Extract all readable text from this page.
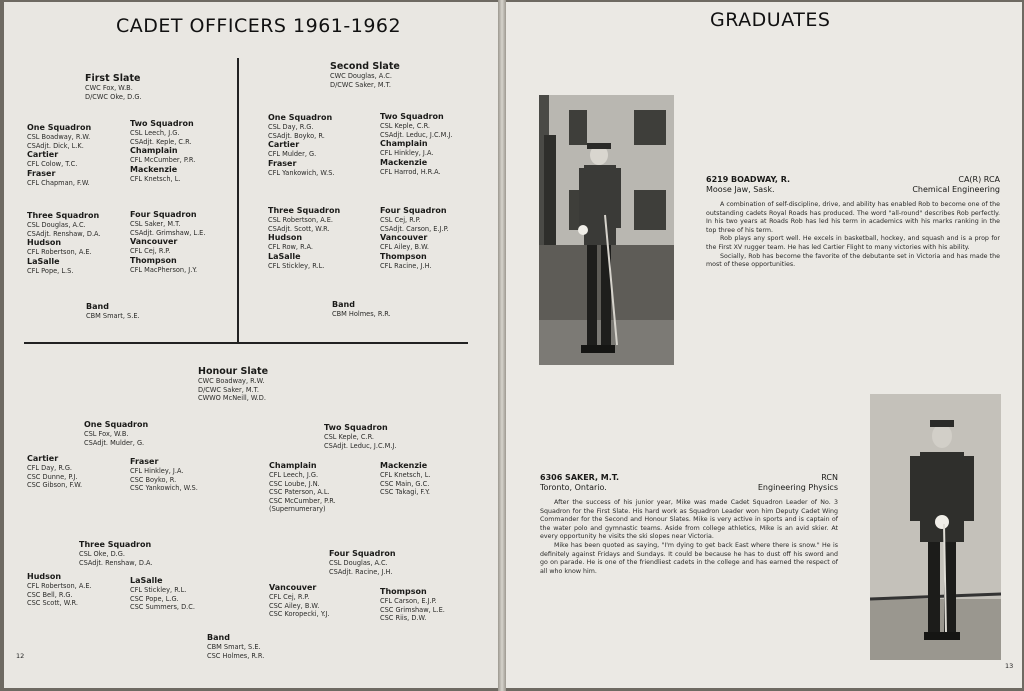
CADET OFFICERS 1961-1962
First Slate
CWC Fox, W.B.
D/CWC Oke, D.G.
One Squadron
CSL Boadway, R.W.
CSAdjt. Dick, L.K.
Cartier
CFL Colow, T.C.
Fraser
CFL Chapman, F.W.
Two Squadron
CSL Leech, J.G.
CSAdjt. Keple, C.R.
Champlain
CFL McCumber, P.R.
Mackenzie
CFL Knetsch, L.
Three Squadron
CSL Douglas, A.C.
CSAdjt. Renshaw, D.A.
Hudson
CFL Robertson, A.E.
LaSalle
CFL Pope, L.S.
Four Squadron
CSL Saker, M.T.
CSAdjt. Grimshaw, L.E.
Vancouver
CFL Cej, R.P.
Thompson
CFL MacPherson, J.Y.
Band
CBM Smart, S.E.
Second Slate
CWC Douglas, A.C.
D/CWC Saker, M.T.
One Squadron
CSL Day, R.G.
CSAdjt. Boyko, R.
Cartier
CFL Mulder, G.
Fraser
CFL Yankowich, W.S.
Two Squadron
CSL Keple, C.R.
CSAdjt. Leduc, J.C.M.J.
Champlain
CFL Hinkley, J.A.
Mackenzie
CFL Harrod, H.R.A.
Three Squadron
CSL Robertson, A.E.
CSAdjt. Scott, W.R.
Hudson
CFL Row, R.A.
LaSalle
CFL Stickley, R.L.
Four Squadron
CSL Cej, R.P.
CSAdjt. Carson, E.J.P.
Vancouver
CFL Ailey, B.W.
Thompson
CFL Racine, J.H.
Band
CBM Holmes, R.R.
Honour Slate
CWC Boadway, R.W.
D/CWC Saker, M.T.
CWWO McNeill, W.D.
One Squadron
CSL Fox, W.B.
CSAdjt. Mulder, G.
Cartier
CFL Day, R.G.
CSC Dunne, P.J.
CSC Gibson, F.W.
Fraser
CFL Hinkley, J.A.
CSC Boyko, R.
CSC Yankowich, W.S.
Two Squadron
CSL Keple, C.R.
CSAdjt. Leduc, J.C.M.J.
Champlain
CFL Leech, J.G.
CSC Loube, J.N.
CSC Paterson, A.L.
CSC McCumber, P.R.
(Supernumerary)
Mackenzie
CFL Knetsch, L.
CSC Main, G.C.
CSC Takagi, F.Y.
Three Squadron
CSL Oke, D.G.
CSAdjt. Renshaw, D.A.
Hudson
CFL Robertson, A.E.
CSC Bell, R.G.
CSC Scott, W.R.
LaSalle
CFL Stickley, R.L.
CSC Pope, L.G.
CSC Summers, D.C.
Four Squadron
CSL Douglas, A.C.
CSAdjt. Racine, J.H.
Vancouver
CFL Cej, R.P.
CSC Ailey, B.W.
CSC Koropecki, Y.J.
Thompson
CFL Carson, E.J.P.
CSC Grimshaw, L.E.
CSC Riis, D.W.
Band
CBM Smart, S.E.
CSC Holmes, R.R.
12
GRADUATES
6219 BOADWAY, R.
Moose Jaw, Sask.
CA(R) RCA
Chemical Engineering

A combination of self-discipline, drive, and ability has enabled Rob to become one of the outstanding cadets Royal Roads has produced. The word "all-round" describes Rob perfectly. In his two years at Roads Rob has led his term in academics with his marks ranking in the top three of his term.

Rob plays any sport well. He excels in basketball, hockey, and squash and is a prop for the First XV rugger team. He has led Cartier Flight to many victories with his ability.

Socially, Rob has become the favorite of the debutante set in Victoria and has made the most of these opportunities.

6306 SAKER, M.T.
Toronto, Ontario.
RCN
Engineering Physics

After the success of his junior year, Mike was made Cadet Squadron Leader of No. 3 Squadron for the First Slate. His hard work as Squadron Leader won him Deputy Cadet Wing Commander for the Second and Honour Slates. Mike is very active in sports and is captain of the water polo and gymnastic teams. Aside from college athletics, Mike is an avid skier. At every opportunity he visits the ski slopes near Victoria.

Mike has been quoted as saying, "I'm dying to get back East where there is snow." He is definitely against Fridays and Sundays. It could be because he has to dust off his sword and go on parade. He is one of the friendliest cadets in the college and has earned the respect of all who know him.

13
